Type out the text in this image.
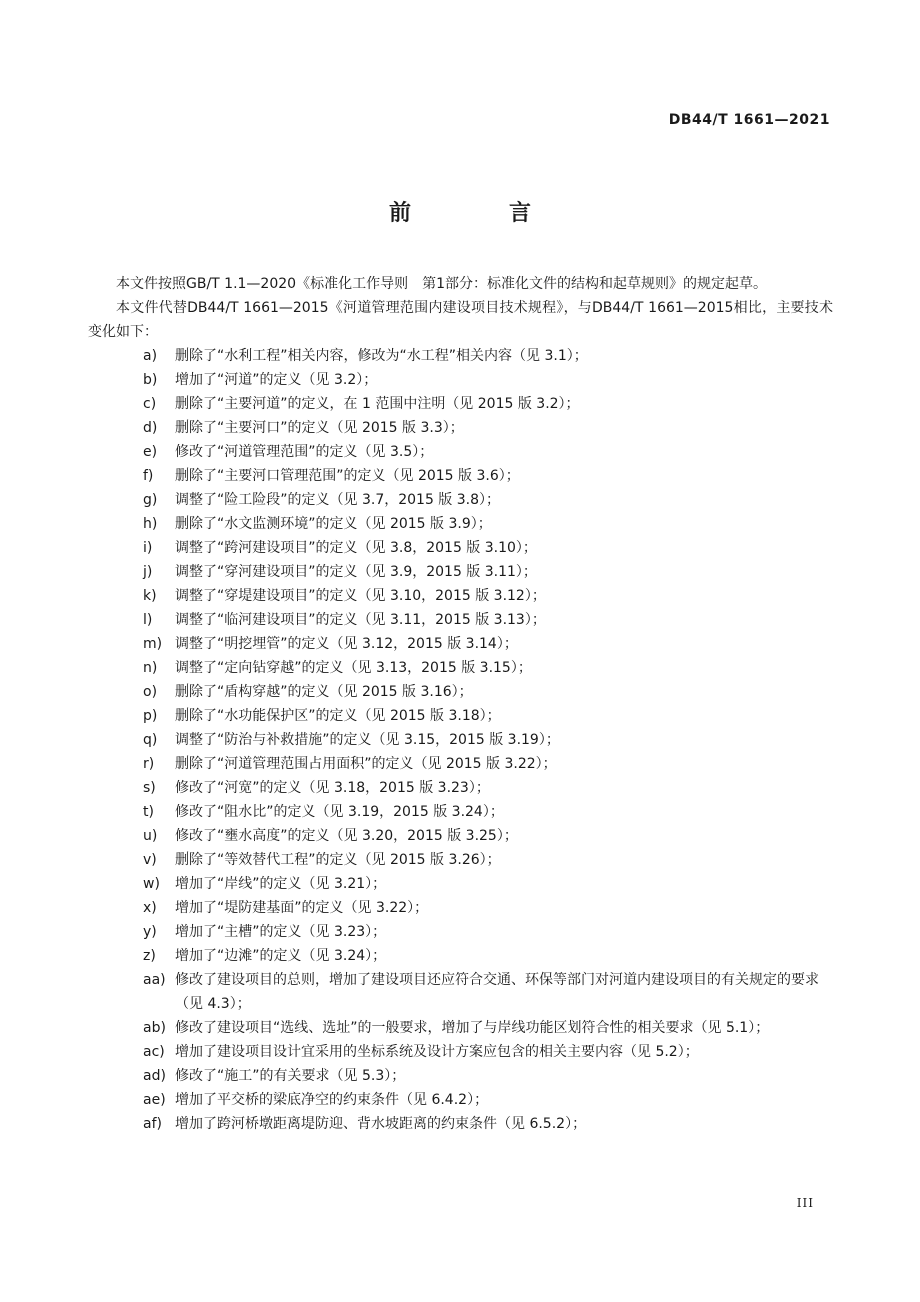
DB44/T 1661—2021
前　言

本文件按照GB/T 1.1—2020《标准化工作导则　第1部分：标准化文件的结构和起草规则》的规定起草。

本文件代替DB44/T 1661—2015《河道管理范围内建设项目技术规程》，与DB44/T 1661—2015相比，主要技术变化如下：

a)	删除了“水利工程”相关内容，修改为“水工程”相关内容（见 3.1）；
b)	增加了“河道”的定义（见 3.2）；
c)	删除了“主要河道”的定义，在 1 范围中注明（见 2015 版 3.2）；
d)	删除了“主要河口”的定义（见 2015 版 3.3）；
e)	修改了“河道管理范围”的定义（见 3.5）；
f)	删除了“主要河口管理范围”的定义（见 2015 版 3.6）；
g)	调整了“险工险段”的定义（见 3.7，2015 版 3.8）；
h)	删除了“水文监测环境”的定义（见 2015 版 3.9）；
i)	调整了“跨河建设项目”的定义（见 3.8，2015 版 3.10）；
j)	调整了“穿河建设项目”的定义（见 3.9，2015 版 3.11）；
k)	调整了“穿堤建设项目”的定义（见 3.10，2015 版 3.12）；
l)	调整了“临河建设项目”的定义（见 3.11，2015 版 3.13）；
m) 调整了“明挖埋管”的定义（见 3.12，2015 版 3.14）；
n)	调整了“定向钻穿越”的定义（见 3.13，2015 版 3.15）；
o)	删除了“盾构穿越”的定义（见 2015 版 3.16）；
p)	删除了“水功能保护区”的定义（见 2015 版 3.18）；
q)	调整了“防治与补救措施”的定义（见 3.15，2015 版 3.19）；
r)	删除了“河道管理范围占用面积”的定义（见 2015 版 3.22）；
s)	修改了“河宽”的定义（见 3.18，2015 版 3.23）；
t)	修改了“阻水比”的定义（见 3.19，2015 版 3.24）；
u)	修改了“壅水高度”的定义（见 3.20，2015 版 3.25）；
v)	删除了“等效替代工程”的定义（见 2015 版 3.26）；
w)	增加了“岸线”的定义（见 3.21）；
x)	增加了“堤防建基面”的定义（见 3.22）；
y)	增加了“主槽”的定义（见 3.23）；
z)	增加了“边滩”的定义（见 3.24）；
aa) 修改了建设项目的总则，增加了建设项目还应符合交通、环保等部门对河道内建设项目的有关规定的要求（见 4.3）；
ab) 修改了建设项目“选线、选址”的一般要求，增加了与岸线功能区划符合性的相关要求（见 5.1）；
ac) 增加了建设项目设计宜采用的坐标系统及设计方案应包含的相关主要内容（见 5.2）；
ad) 修改了“施工”的有关要求（见 5.3）；
ae) 增加了平交桥的梁底净空的约束条件（见 6.4.2）；
af) 增加了跨河桥墩距离堤防迎、背水坡距离的约束条件（见 6.5.2）；
III
